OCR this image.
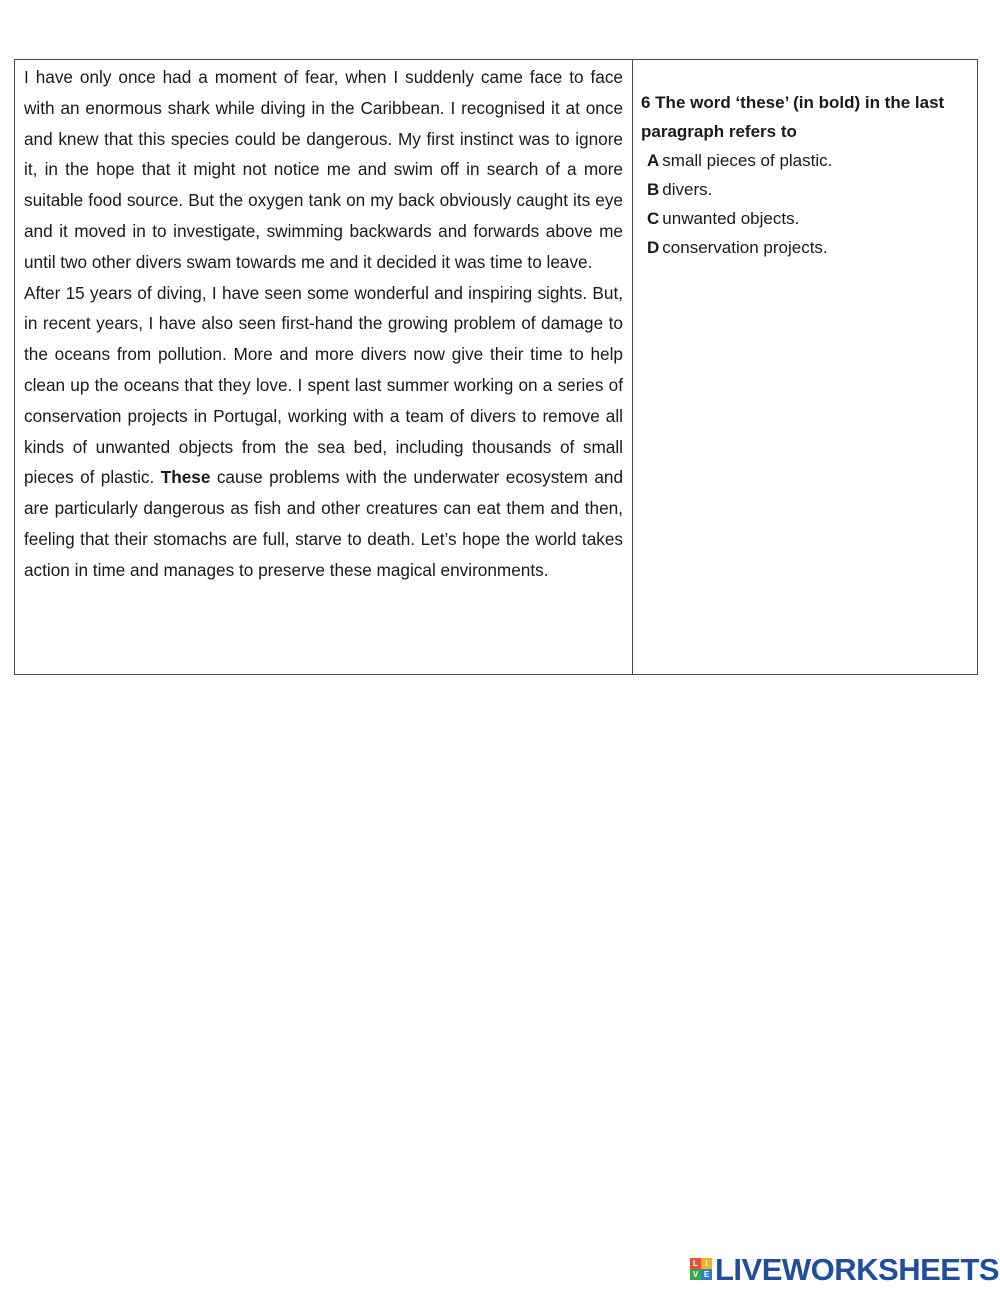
I have only once had a moment of fear, when I suddenly came face to face with an enormous shark while diving in the Caribbean. I recognised it at once and knew that this species could be dangerous. My first instinct was to ignore it, in the hope that it might not notice me and swim off in search of a more suitable food source. But the oxygen tank on my back obviously caught its eye and it moved in to investigate, swimming backwards and forwards above me until two other divers swam towards me and it decided it was time to leave.

After 15 years of diving, I have seen some wonderful and inspiring sights. But, in recent years, I have also seen first-hand the growing problem of damage to the oceans from pollution. More and more divers now give their time to help clean up the oceans that they love. I spent last summer working on a series of conservation projects in Portugal, working with a team of divers to remove all kinds of unwanted objects from the sea bed, including thousands of small pieces of plastic. These cause problems with the underwater ecosystem and are particularly dangerous as fish and other creatures can eat them and then, feeling that their stomachs are full, starve to death. Let’s hope the world takes action in time and manages to preserve these magical environments.

6 The word ‘these’ (in bold) in the last paragraph refers to

A small pieces of plastic.
B divers.
C unwanted objects.
D conservation projects.
L I
V E LIVEWORKSHEETS
